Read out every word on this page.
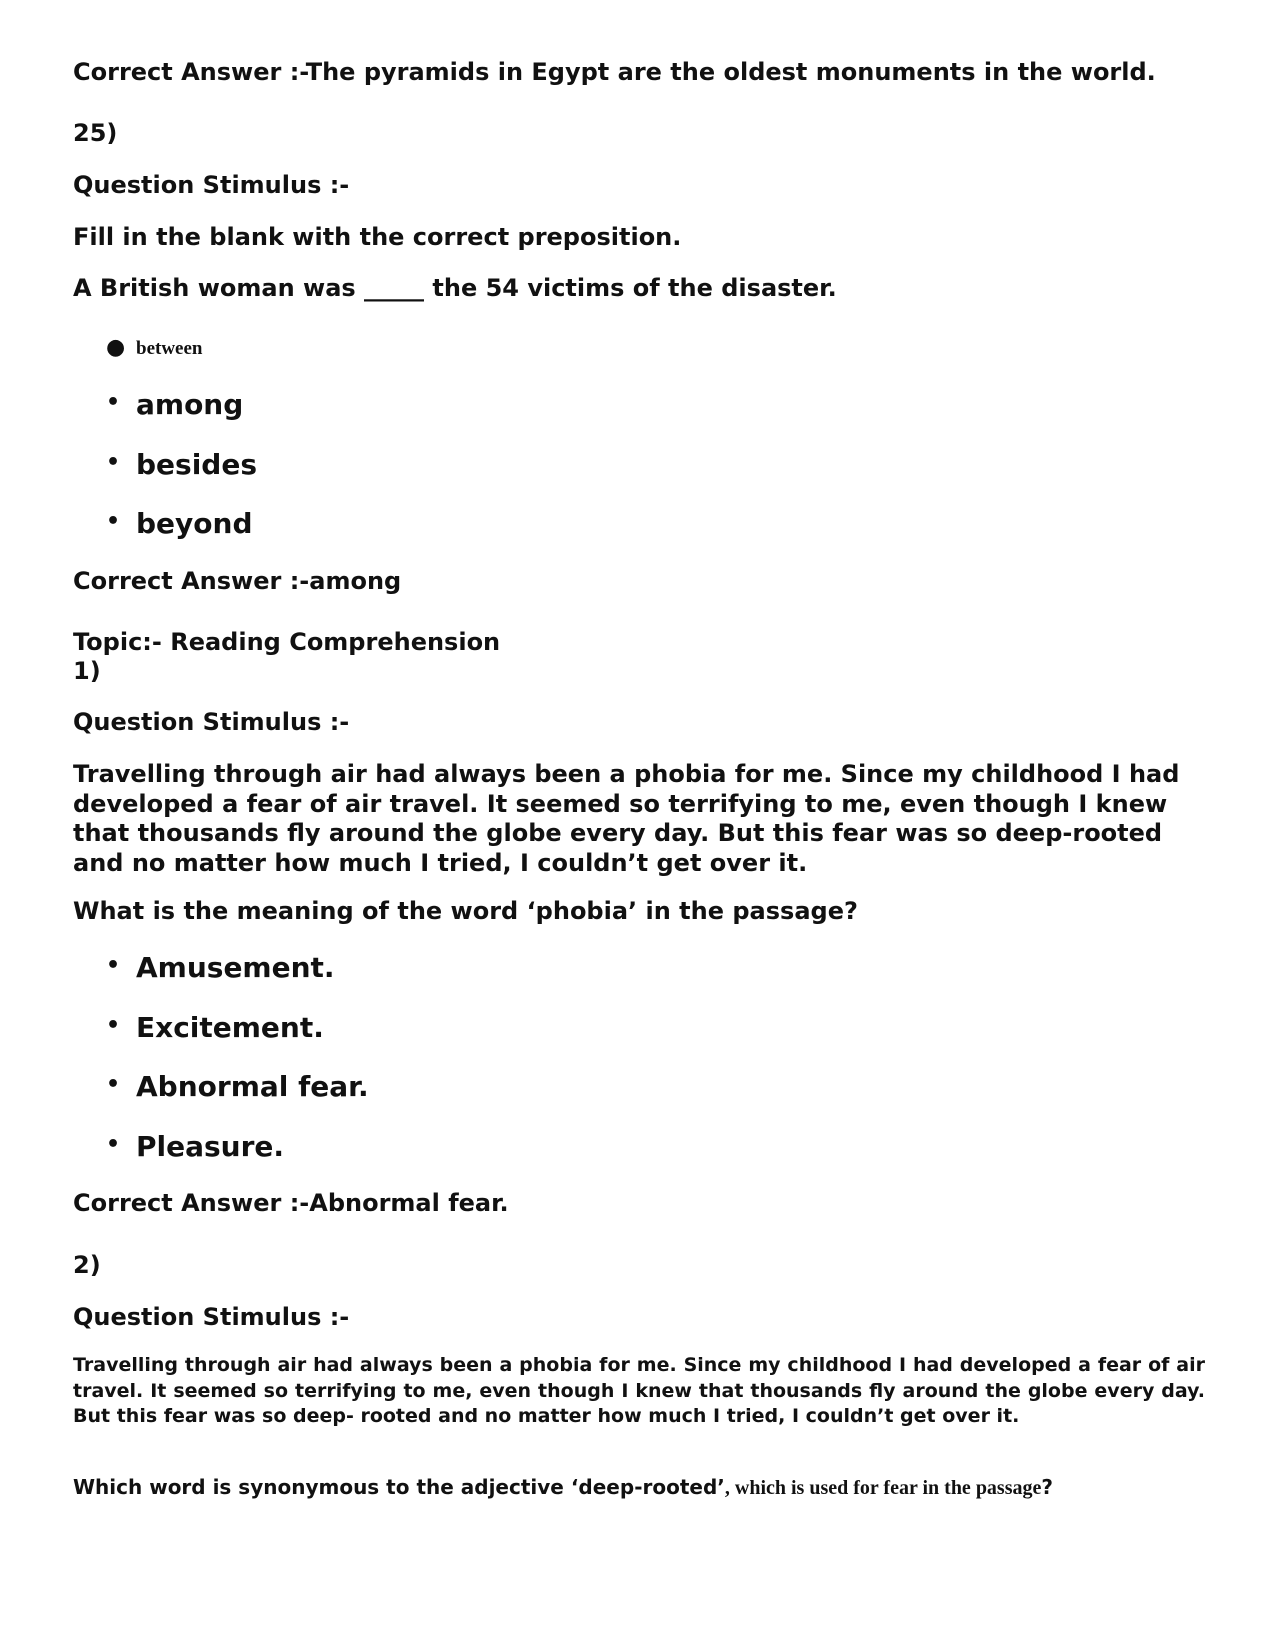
Correct Answer :-The pyramids in Egypt are the oldest monuments in the world.
25)
Question Stimulus :-
Fill in the blank with the correct preposition.
A British woman was _____ the 54 victims of the disaster.
● between
• among
• besides
• beyond
Correct Answer :-among
Topic:- Reading Comprehension
1)
Question Stimulus :-
Travelling through air had always been a phobia for me. Since my childhood I had developed a fear of air travel. It seemed so terrifying to me, even though I knew that thousands fly around the globe every day. But this fear was so deep-rooted and no matter how much I tried, I couldn’t get over it.
What is the meaning of the word ‘phobia’ in the passage?
• Amusement.
• Excitement.
• Abnormal fear.
• Pleasure.
Correct Answer :-Abnormal fear.
2)
Question Stimulus :-
Travelling through air had always been a phobia for me. Since my childhood I had developed a fear of air travel. It seemed so terrifying to me, even though I knew that thousands fly around the globe every day. But this fear was so deep- rooted and no matter how much I tried, I couldn’t get over it.
Which word is synonymous to the adjective ‘deep-rooted’, which is used for fear in the passage?
